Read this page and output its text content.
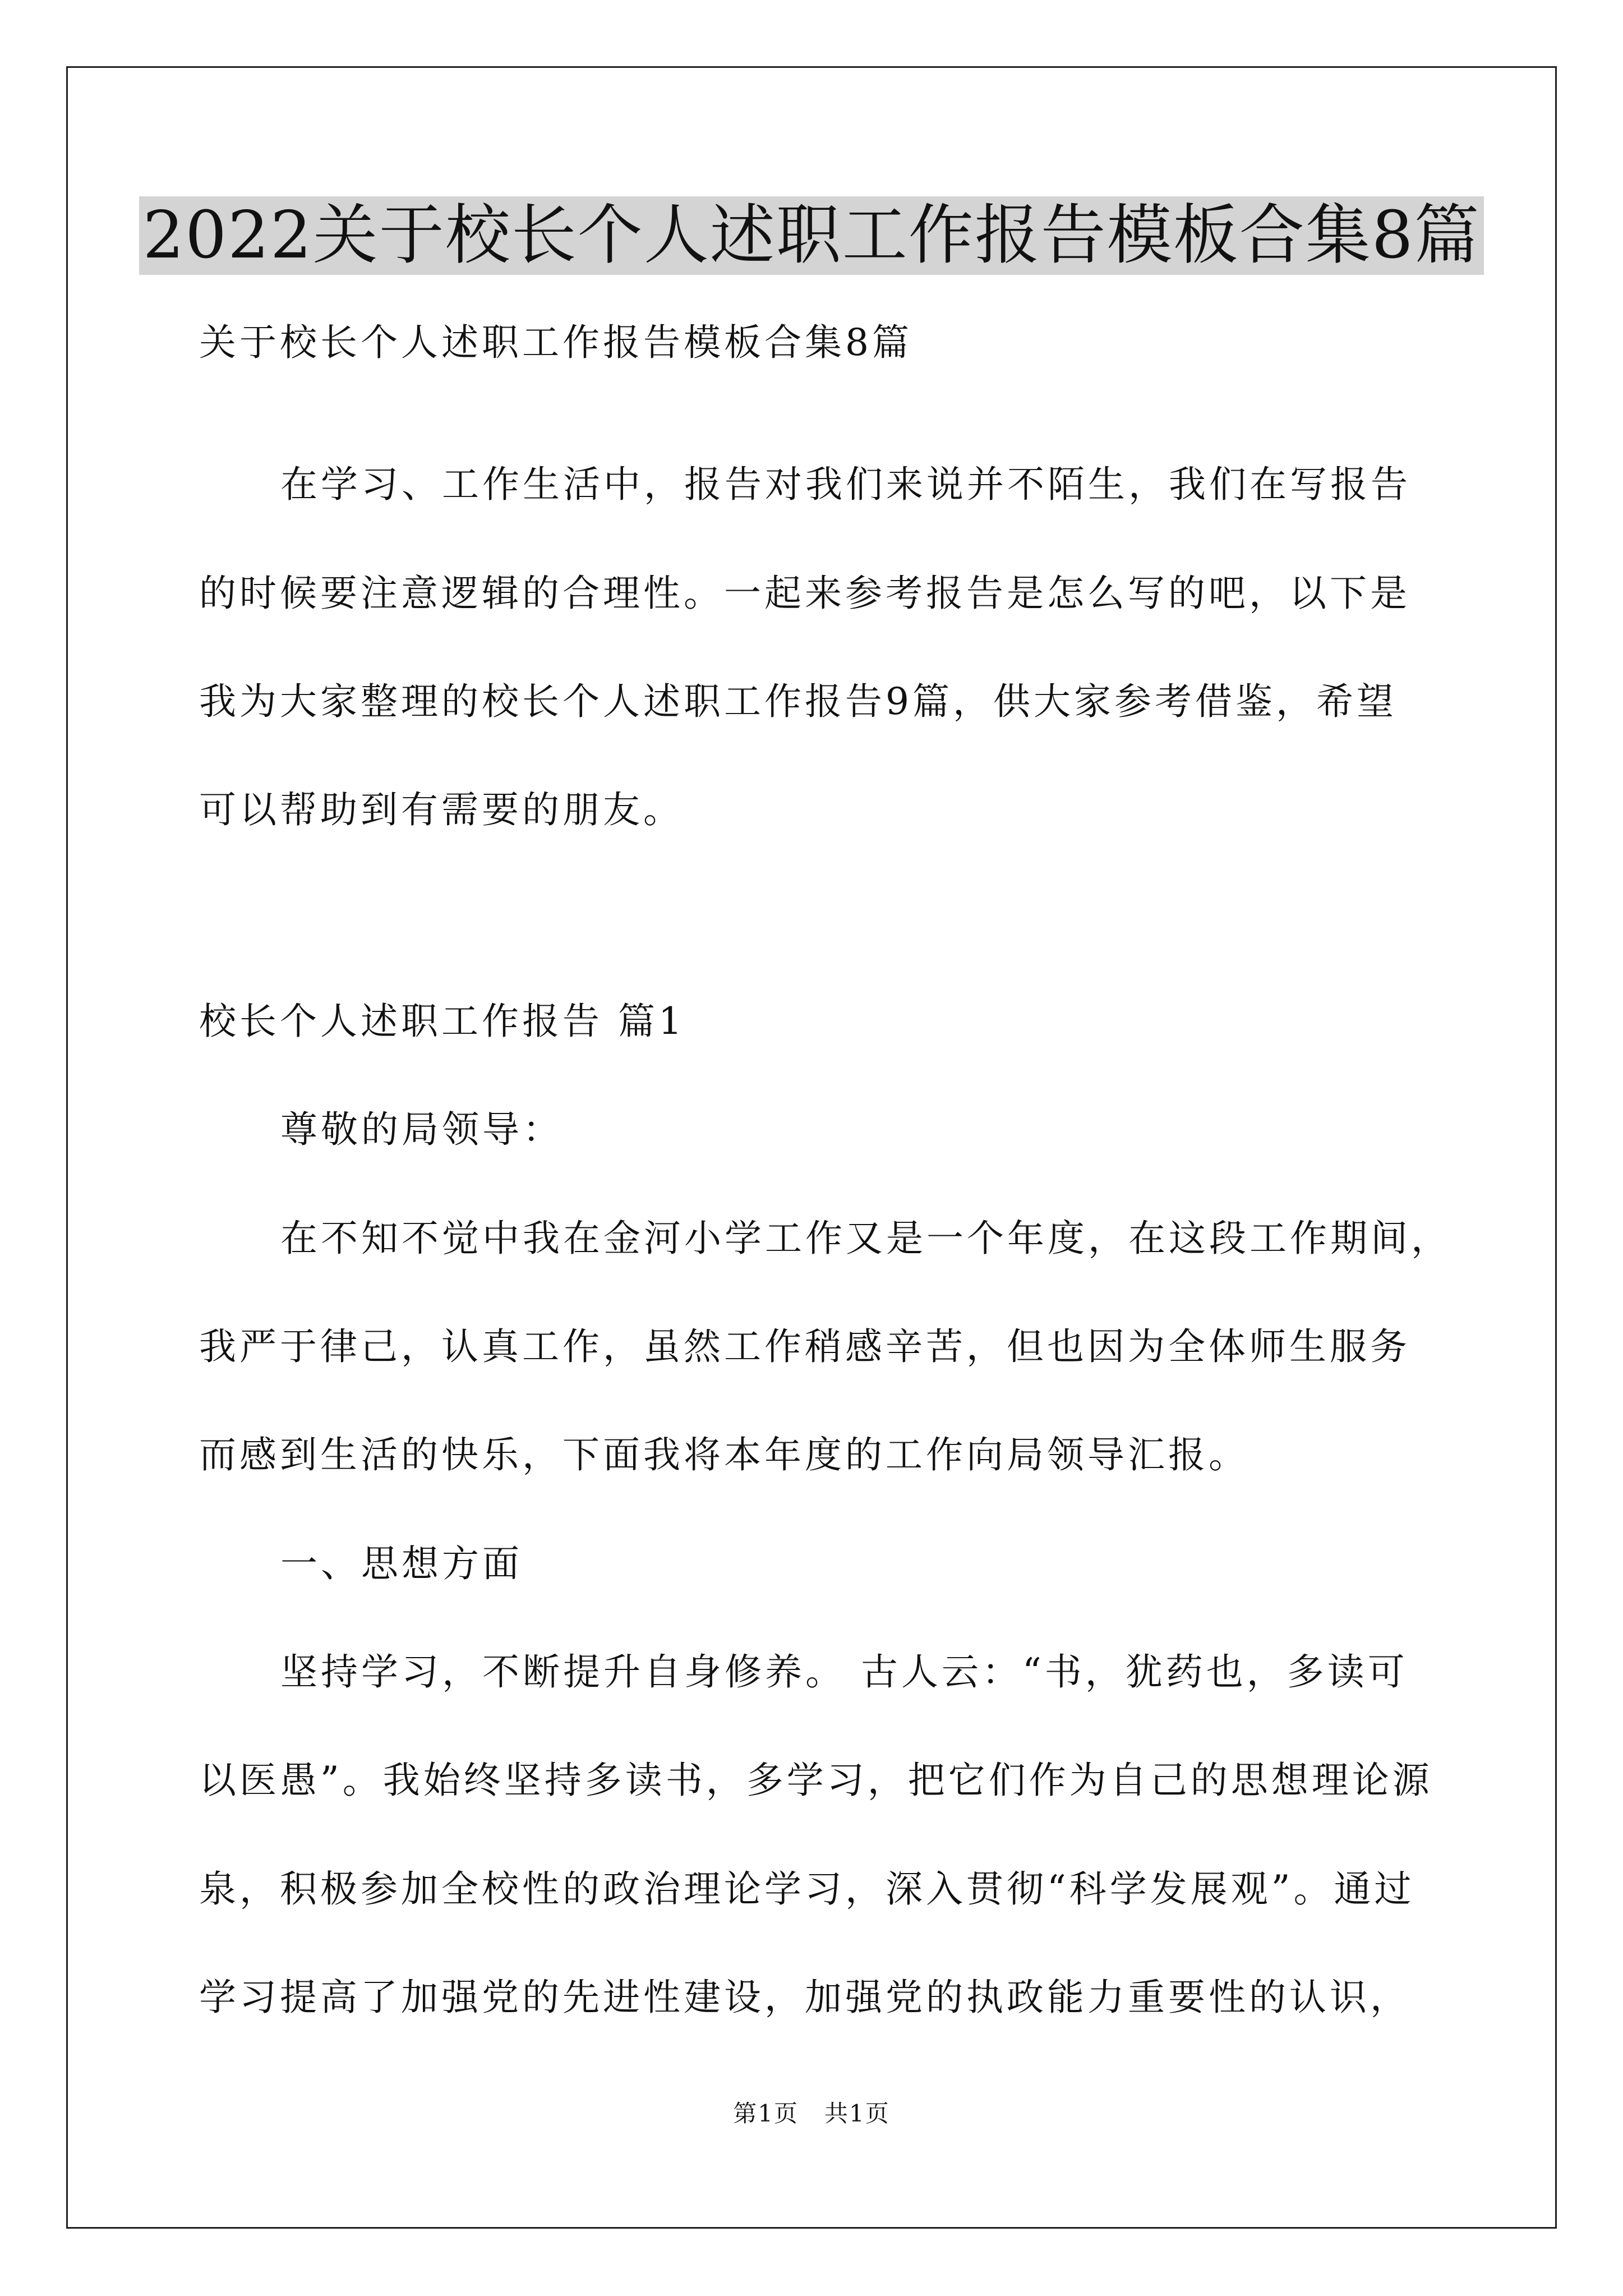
2022关于校长个人述职工作报告模板合集8篇
关于校长个人述职工作报告模板合集8篇
在学习、工作生活中，报告对我们来说并不陌生，我们在写报告
的时候要注意逻辑的合理性。一起来参考报告是怎么写的吧，以下是
我为大家整理的校长个人述职工作报告9篇，供大家参考借鉴，希望
可以帮助到有需要的朋友。
校长个人述职工作报告 篇1
尊敬的局领导：
在不知不觉中我在金河小学工作又是一个年度，在这段工作期间，
我严于律己，认真工作，虽然工作稍感辛苦，但也因为全体师生服务
而感到生活的快乐，下面我将本年度的工作向局领导汇报。
一、思想方面
坚持学习，不断提升自身修养。 古人云：“书，犹药也，多读可
以医愚”。我始终坚持多读书，多学习，把它们作为自己的思想理论源
泉，积极参加全校性的政治理论学习，深入贯彻“科学发展观”。通过
学习提高了加强党的先进性建设，加强党的执政能力重要性的认识，
第1页   共1页
